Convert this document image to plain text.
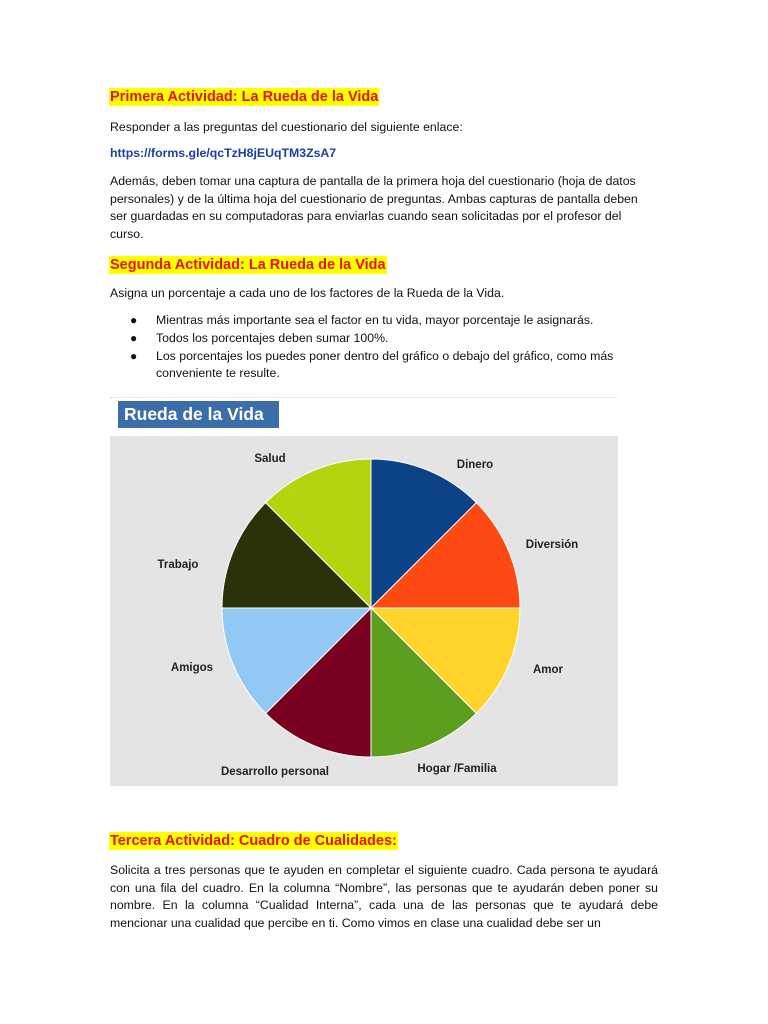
Primera Actividad: La Rueda de la Vida

Responder a las preguntas del cuestionario del siguiente enlace:

https://forms.gle/qcTzH8jEUqTM3ZsA7

Además, deben tomar una captura de pantalla de la primera hoja del cuestionario (hoja de datos personales) y de la última hoja del cuestionario de preguntas. Ambas capturas de pantalla deben ser guardadas en su computadoras para enviarlas cuando sean solicitadas por el profesor del curso.

Segunda Actividad: La Rueda de la Vida

Asigna un porcentaje a cada uno de los factores de la Rueda de la Vida.

● Mientras más importante sea el factor en tu vida, mayor porcentaje le asignarás.
● Todos los porcentajes deben sumar 100%.
● Los porcentajes los puedes poner dentro del gráfico o debajo del gráfico, como más conveniente te resulte.
Rueda de la Vida
Dinero
Diversión
Amor
Hogar /Familia
Desarrollo personal
Amigos
Trabajo
Salud
Tercera Actividad: Cuadro de Cualidades:

Solicita a tres personas que te ayuden en completar el siguiente cuadro. Cada persona te ayudará con una fila del cuadro. En la columna “Nombre”, las personas que te ayudarán deben poner su nombre. En la columna “Cualidad Interna”, cada una de las personas que te ayudará debe mencionar una cualidad que percibe en ti. Como vimos en clase una cualidad debe ser un
